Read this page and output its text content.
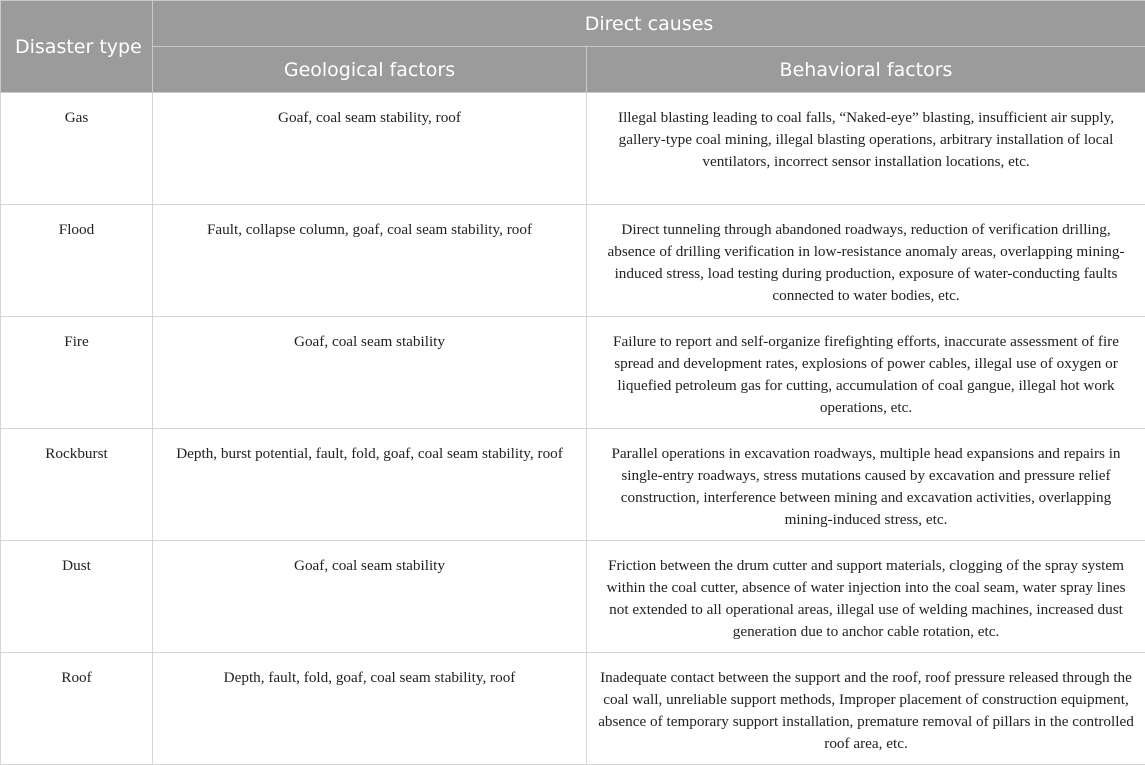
Disaster type	Direct causes	
	Geological factors	Behavioral factors
Gas	Goaf, coal seam stability, roof	Illegal blasting leading to coal falls, “Naked-eye” blasting, insufficient air supply, gallery-type coal mining, illegal blasting operations, arbitrary installation of local ventilators, incorrect sensor installation locations, etc.
Flood	Fault, collapse column, goaf, coal seam stability, roof	Direct tunneling through abandoned roadways, reduction of verification drilling, absence of drilling verification in low-resistance anomaly areas, overlapping mining-induced stress, load testing during production, exposure of water-conducting faults connected to water bodies, etc.
Fire	Goaf, coal seam stability	Failure to report and self-organize firefighting efforts, inaccurate assessment of fire spread and development rates, explosions of power cables, illegal use of oxygen or liquefied petroleum gas for cutting, accumulation of coal gangue, illegal hot work operations, etc.
Rockburst	Depth, burst potential, fault, fold, goaf, coal seam stability, roof	Parallel operations in excavation roadways, multiple head expansions and repairs in single-entry roadways, stress mutations caused by excavation and pressure relief construction, interference between mining and excavation activities, overlapping mining-induced stress, etc.
Dust	Goaf, coal seam stability	Friction between the drum cutter and support materials, clogging of the spray system within the coal cutter, absence of water injection into the coal seam, water spray lines not extended to all operational areas, illegal use of welding machines, increased dust generation due to anchor cable rotation, etc.
Roof	Depth, fault, fold, goaf, coal seam stability, roof	Inadequate contact between the support and the roof, roof pressure released through the coal wall, unreliable support methods, Improper placement of construction equipment, absence of temporary support installation, premature removal of pillars in the controlled roof area, etc.
